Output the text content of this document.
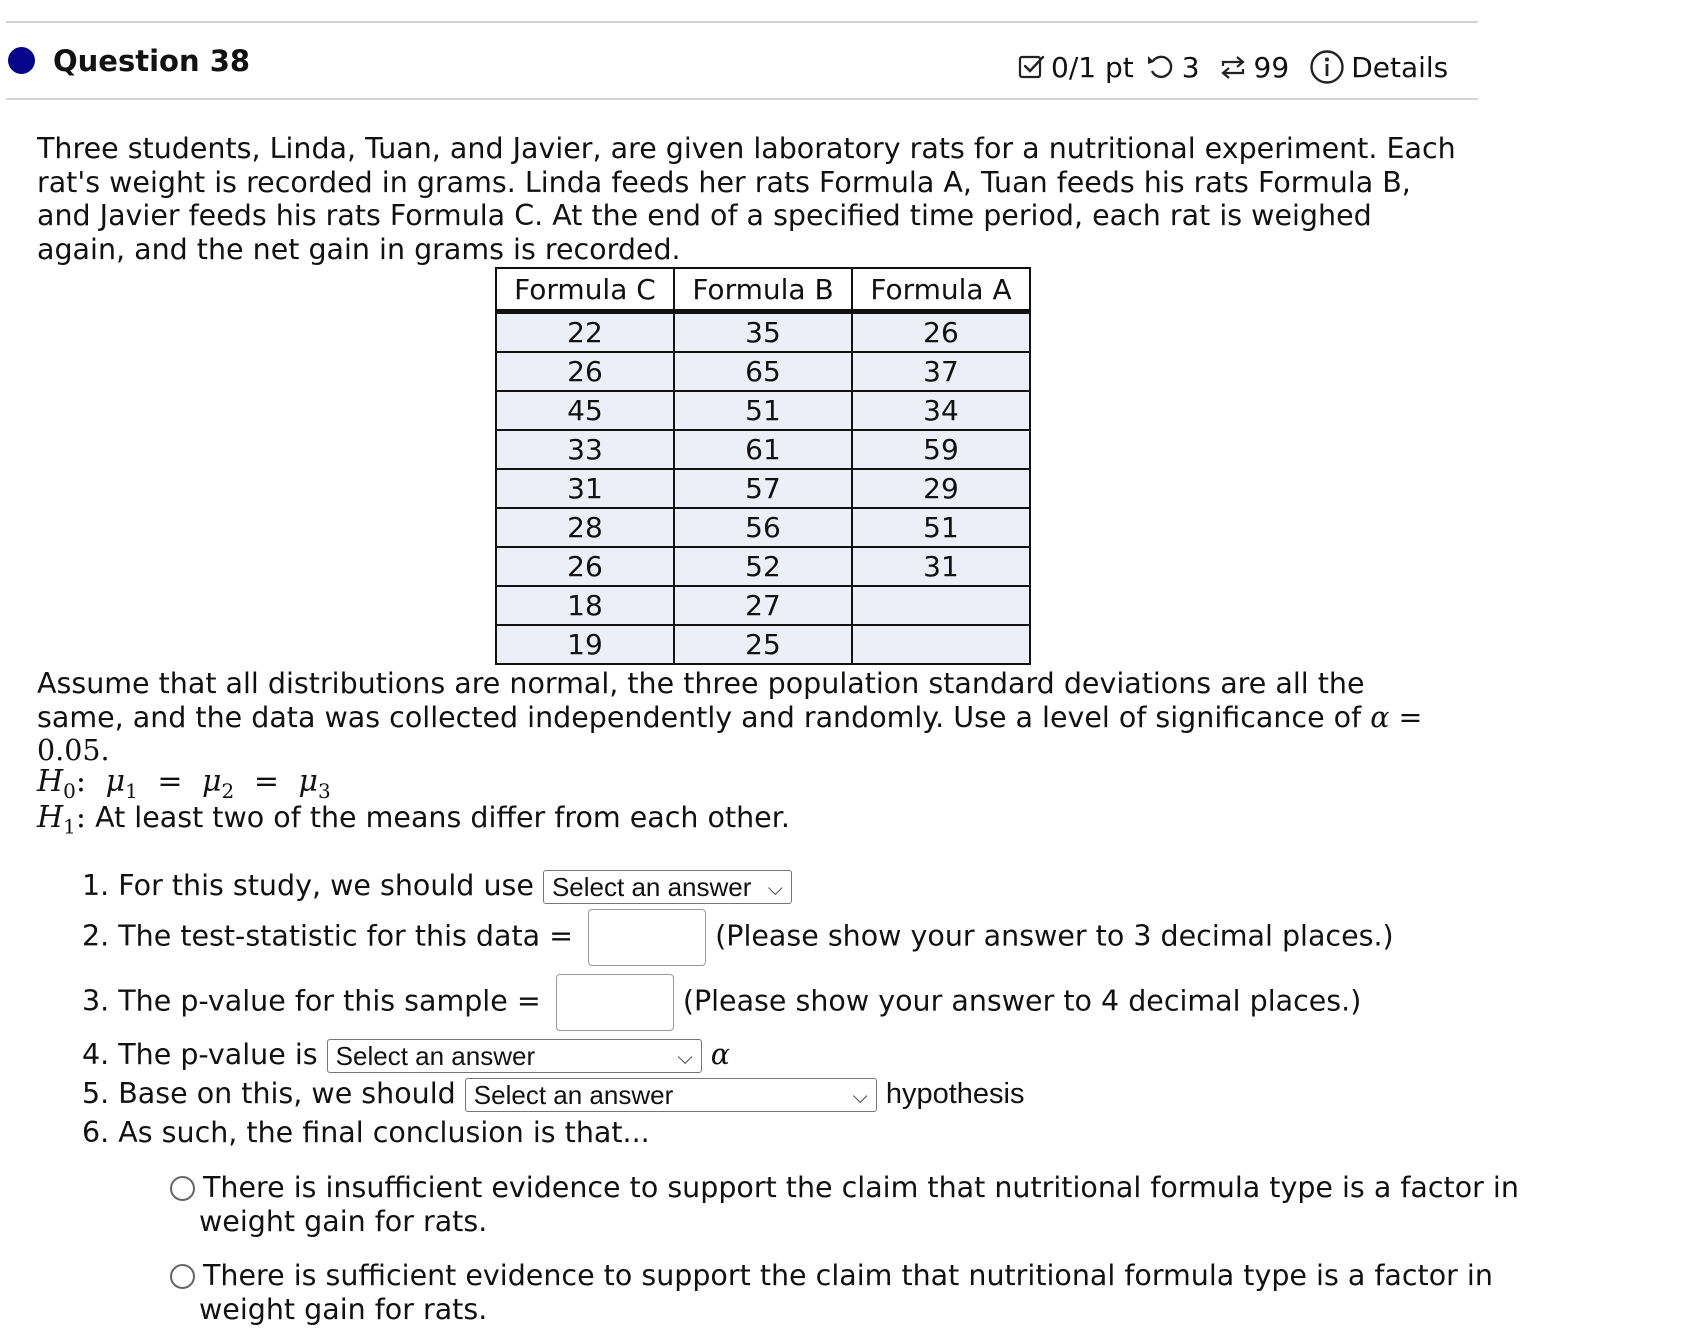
Question 38	0/1 pt 3 99 Details
Three students, Linda, Tuan, and Javier, are given laboratory rats for a nutritional experiment. Each rat's weight is recorded in grams. Linda feeds her rats Formula A, Tuan feeds his rats Formula B, and Javier feeds his rats Formula C. At the end of a specified time period, each rat is weighed again, and the net gain in grams is recorded.
Formula C	Formula B	Formula A
22	35	26
26	65	37
45	51	34
33	61	59
31	57	29
28	56	51
26	52	31
18	27	
19	25	
Assume that all distributions are normal, the three population standard deviations are all the same, and the data was collected independently and randomly. Use a level of significance of α = 0.05.
$H_0$: $\mu_1 = \mu_2 = \mu_3$
$H_1$: At least two of the means differ from each other.
1. For this study, we should use Select an answer ⌵
2. The test-statistic for this data =	(Please show your answer to 3 decimal places.)
3. The p-value for this sample =	(Please show your answer to 4 decimal places.)
4. The p-value is Select an answer	⌵ α
5. Base on this, we should Select an answer	⌵ hypothesis
6. As such, the final conclusion is that...
There is insufficient evidence to support the claim that nutritional formula type is a factor in
weight gain for rats.
There is sufficient evidence to support the claim that nutritional formula type is a factor in
weight gain for rats.
